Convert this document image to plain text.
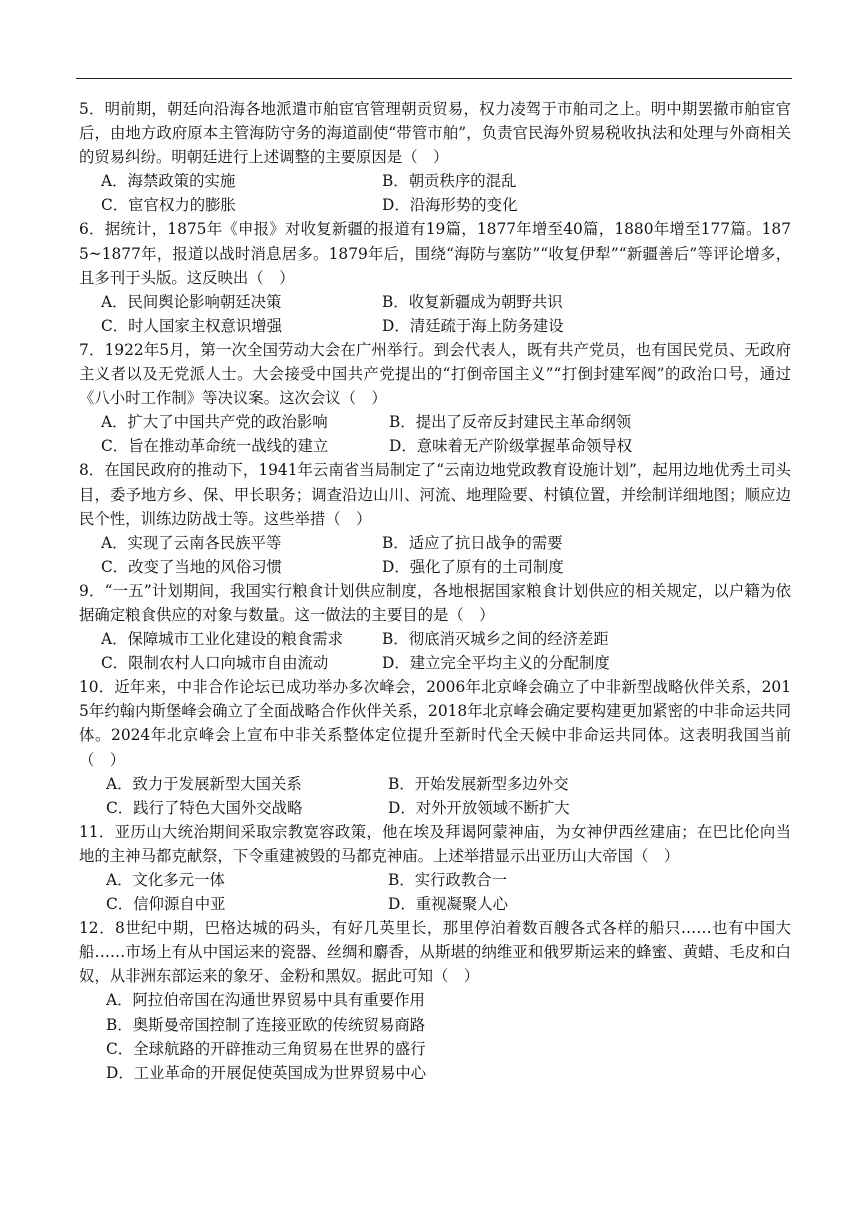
5．明前期，朝廷向沿海各地派遣市舶宦官管理朝贡贸易，权力凌驾于市舶司之上。明中期罢撤市舶宦官后，由地方政府原本主管海防守务的海道副使“带管市舶”，负责官民海外贸易税收执法和处理与外商相关的贸易纠纷。明朝廷进行上述调整的主要原因是（　）
A．海禁政策的实施	B．朝贡秩序的混乱
C．宦官权力的膨胀	D．沿海形势的变化
6．据统计，1875年《申报》对收复新疆的报道有19篇，1877年增至40篇，1880年增至177篇。1875~1877年，报道以战时消息居多。1879年后，围绕“海防与塞防”“收复伊犁”“新疆善后”等评论增多，且多刊于头版。这反映出（　）
A．民间舆论影响朝廷决策	B．收复新疆成为朝野共识
C．时人国家主权意识增强	D．清廷疏于海上防务建设
7．1922年5月，第一次全国劳动大会在广州举行。到会代表人，既有共产党员，也有国民党员、无政府主义者以及无党派人士。大会接受中国共产党提出的“打倒帝国主义”“打倒封建军阀”的政治口号，通过《八小时工作制》等决议案。这次会议（　）
A．扩大了中国共产党的政治影响	B．提出了反帝反封建民主革命纲领
C．旨在推动革命统一战线的建立	D．意味着无产阶级掌握革命领导权
8．在国民政府的推动下，1941年云南省当局制定了“云南边地党政教育设施计划”，起用边地优秀土司头目，委予地方乡、保、甲长职务；调查沿边山川、河流、地理险要、村镇位置，并绘制详细地图；顺应边民个性，训练边防战士等。这些举措（　）
A．实现了云南各民族平等	B．适应了抗日战争的需要
C．改变了当地的风俗习惯	D．强化了原有的土司制度
9．“一五”计划期间，我国实行粮食计划供应制度，各地根据国家粮食计划供应的相关规定，以户籍为依据确定粮食供应的对象与数量。这一做法的主要目的是（　）
A．保障城市工业化建设的粮食需求	B．彻底消灭城乡之间的经济差距
C．限制农村人口向城市自由流动	D．建立完全平均主义的分配制度
10．近年来，中非合作论坛已成功举办多次峰会，2006年北京峰会确立了中非新型战略伙伴关系，2015年约翰内斯堡峰会确立了全面战略合作伙伴关系，2018年北京峰会确定要构建更加紧密的中非命运共同体。2024年北京峰会上宣布中非关系整体定位提升至新时代全天候中非命运共同体。这表明我国当前（　）
A．致力于发展新型大国关系	B．开始发展新型多边外交
C．践行了特色大国外交战略	D．对外开放领域不断扩大
11．亚历山大统治期间采取宗教宽容政策，他在埃及拜谒阿蒙神庙，为女神伊西丝建庙；在巴比伦向当地的主神马都克献祭，下令重建被毁的马都克神庙。上述举措显示出亚历山大帝国（　）
A．文化多元一体	B．实行政教合一
C．信仰源自中亚	D．重视凝聚人心
12．8世纪中期，巴格达城的码头，有好几英里长，那里停泊着数百艘各式各样的船只……也有中国大船……市场上有从中国运来的瓷器、丝绸和麝香，从斯堪的纳维亚和俄罗斯运来的蜂蜜、黄蜡、毛皮和白奴，从非洲东部运来的象牙、金粉和黑奴。据此可知（　）
A．阿拉伯帝国在沟通世界贸易中具有重要作用
B．奥斯曼帝国控制了连接亚欧的传统贸易商路
C．全球航路的开辟推动三角贸易在世界的盛行
D．工业革命的开展促使英国成为世界贸易中心
